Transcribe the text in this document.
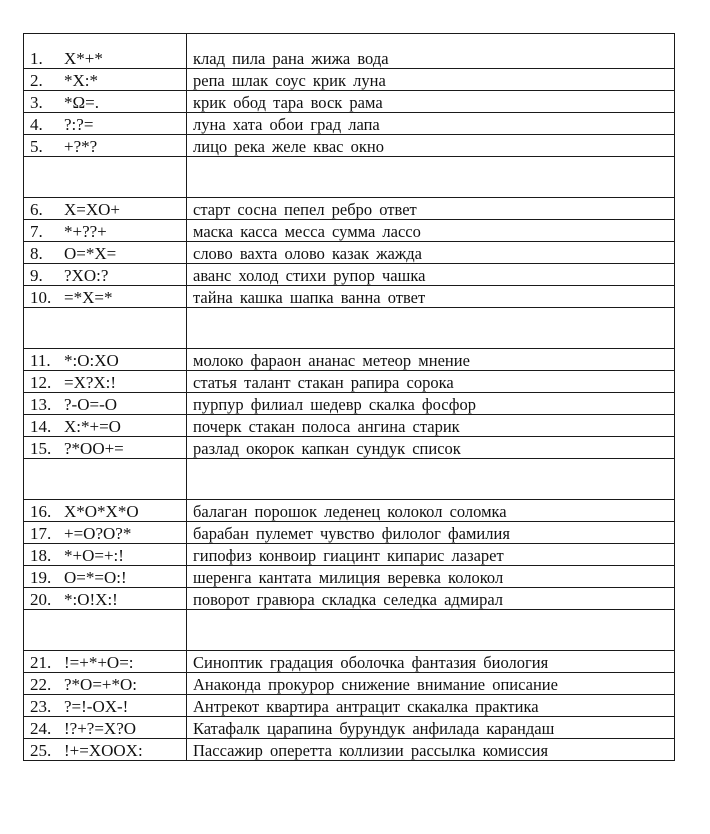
1. X*+*	клад пила рана жижа вода
2. *X:*	репа шлак соус крик луна
3. *Ω=.	крик обод тара воск рама
4. ?:?=	луна хата обои град лапа
5. +?*?	лицо река желе квас окно

6. X=XO+	старт сосна пепел ребро ответ
7. *+??+	маска касса месса сумма лассо
8. O=*X=	слово вахта олово казак жажда
9. ?XO:?	аванс холод стихи рупор чашка
10. =*X=*	тайна кашка шапка ванна ответ

11. *:O:XO	молоко фараон ананас метеор мнение
12. =X?X:!	статья талант стакан рапира сорока
13. ?-O=-O	пурпур филиал шедевр скалка фосфор
14. X:*+=O	почерк стакан полоса ангина старик
15. ?*OO+=	разлад окорок капкан сундук список

16. X*O*X*O	балаган порошок леденец колокол соломка
17. +=O?O?*	барабан пулемет чувство филолог фамилия
18. *+O=+:!	гипофиз конвоир гиацинт кипарис лазарет
19. O=*=O:!	шеренга кантата милиция веревка колокол
20. *:O!X:!	поворот гравюра складка селедка адмирал

21. !=+*+O=:	Синоптик градация оболочка фантазия биология
22. ?*O=+*O:	Анаконда прокурор снижение внимание описание
23. ?=!-OX-!	Антрекот квартира антрацит скакалка практика
24. !?+?=X?O	Катафалк царапина бурундук анфилада карандаш
25. !+=XOOX:	Пассажир оперетта коллизии рассылка комиссия
